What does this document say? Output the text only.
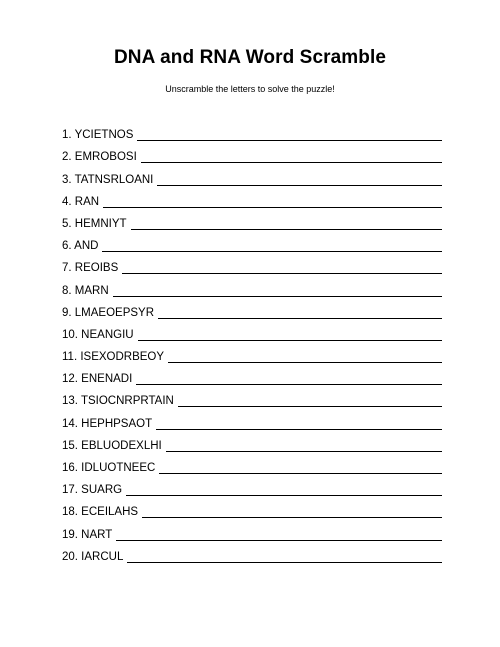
DNA and RNA Word Scramble
Unscramble the letters to solve the puzzle!
1. YCIETNOS
2. EMROBOSI
3. TATNSRLOANI
4. RAN
5. HEMNIYT
6. AND
7. REOIBS
8. MARN
9. LMAEOEPSYR
10. NEANGIU
11. ISEXODRBEOY
12. ENENADI
13. TSIOCNRPRTAIN
14. HEPHPSAOT
15. EBLUODEXLHI
16. IDLUOTNEEC
17. SUARG
18. ECEILAHS
19. NART
20. IARCUL
